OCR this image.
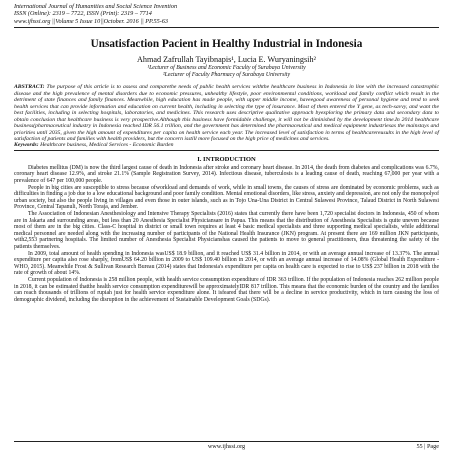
International Journal of Humanities and Social Science Invention
ISSN (Online): 2319 – 7722, ISSN (Print): 2319 – 7714
www.ijhssi.org ||Volume 5 Issue 10||October. 2016 || PP.55-63
Unsatisfaction Pacient in Healthy Industrial in Indonesia
Ahmad Zafrullah Tayibnapis¹, Lucia E. Wuryaningsih²
¹Lecturer of Business and Economic Faculty of Surabaya University
²Lecturer of Faculty Pharmacy of Surabaya University
ABSTRACT: The purpose of this article is to assess and comparethe needs of public health services withthe healthcare business in Indonesia in line with the increased catastrophic disease and the high prevalence of mental disorders due to economic pressures, unhealthy lifestyle, poor environmental conditions, workload and family conflict which result in the detriment of state finances and family finances. Meanwhile, high education has made people, with upper middle income, haveegood awareness of personal hygiene and tend to seek health services that can provide information and education on current health, including in selecting the type of insurance. Most of them entered the Y gene, as tech-savvy, and want the best facilities, including in selecting hospitals, laboratories, and medicines. This research uses descriptive qualitative approach byexploring the primary data and secondary data to obtain conclusion that healthcare business is very prospective.Although this business have formidable challenge, it will not be diminished by the development time.In 2014 healthcare business(pharmaceutical industry in Indonesia reached IDR 56.1 trillion, and the government has determined the pharmaceutical and medical equipment industriesas the mainstays and priorities until 2035, given the high amount of expenditures per capita on health service each year. The increased level of satisfaction in terms of healthcarereusults in the high level of satisfaction of patients and families with health providers, but the concern isstill more focused on the high price of medicines and services.
Keywords: Healthcare business, Medical Services - Economic Burden
I. INTRODUCTION

Diabetes mellitus (DM) is now the third largest cause of death in Indonesia after stroke and coronary heart disease. In 2014, the death from diabetes and complications was 6.7%, coronary heart disease 12.9%, and stroke 21.1% (Sample Registration Survey, 2014). Infectious disease, tuberculosis is a leading cause of death, reaching 67,000 per year with a prevalence of 647 per 100,000 people.

People in big cities are susceptible to stress because ofworkload and demands of work, while in small towns, the causes of stress are dominated by economic problems, such as difficulties in finding a job due to a low educational background and poor family condition. Mental emotional disorders, like stress, anxiety and depression, are not only the monopolyof urban society, but also the people living in villages and even those in outer islands, such as in Tojo Una-Una District in Central Sulawesi Province, Talaud District in North Sulawesi Province, Central Tapanuli, North Toraja, and Jember.

The Association of Indonesian Anesthesiology and Intensive Therapy Specialists (2016) states that currently there have been 1,720 specialist doctors in Indonesia, 450 of whom are in Jakarta and surrounding areas, but less than 20 Anesthesia Specialist Physiciansare in Papua. This means that the distribution of Anesthesia Specialists is quite uneven because most of them are in the big cities. Class-C hospital in district or small town requires at least 4 basic medical specialists and three supporting medical specialists, while additional medical personnel are needed along with the increasing number of participants of the National Health Insurance (JKN) program. At present there are 169 million JKN participants, with2,553 partnering hospitals. The limited number of Anesthesia Specialist Physicianshas caused the patients to move to general practitioners, thus threatening the safety of the patients themselves.

In 2009, total amount of health spending in Indonesia wasUS$ 18.9 billion, and it reached US$ 31.4 billion in 2014, or with an average annual increase of 13.37%. The annual expenditure per capita also rose sharply, fromUS$ 64.20 billion in 2009 to US$ 109.40 billion in 2014, or with an average annual increase of 14.08% (Global Health Expenditure - WHO, 2015). Meanwhile Frost & Sullivan Research Bureau (2014) states that Indonesia's expenditure per capita on health care is expected to rise to US$ 237 billion in 2018 with the rate of growth of about 14%.

Current population of Indonesia is 258 million people, with health service consumption expenditure of IDR 363 trillion. If the population of Indonesia reaches 262 million people in 2018, it can be estimated thatthe health service consumption expenditurewill be approximatelyIDR 817 trillion. This means that the economic burden of the country and the families can reach thousands of trillions of rupiah just for health service expenditure alone. It isfeared that there will be a decline in service productivity, which in turn causing the loss of demographic dividend, including the disruption in the achievement of Sustainable Development Goals (SDGs).

www.ijhssi.org	55 | Page
